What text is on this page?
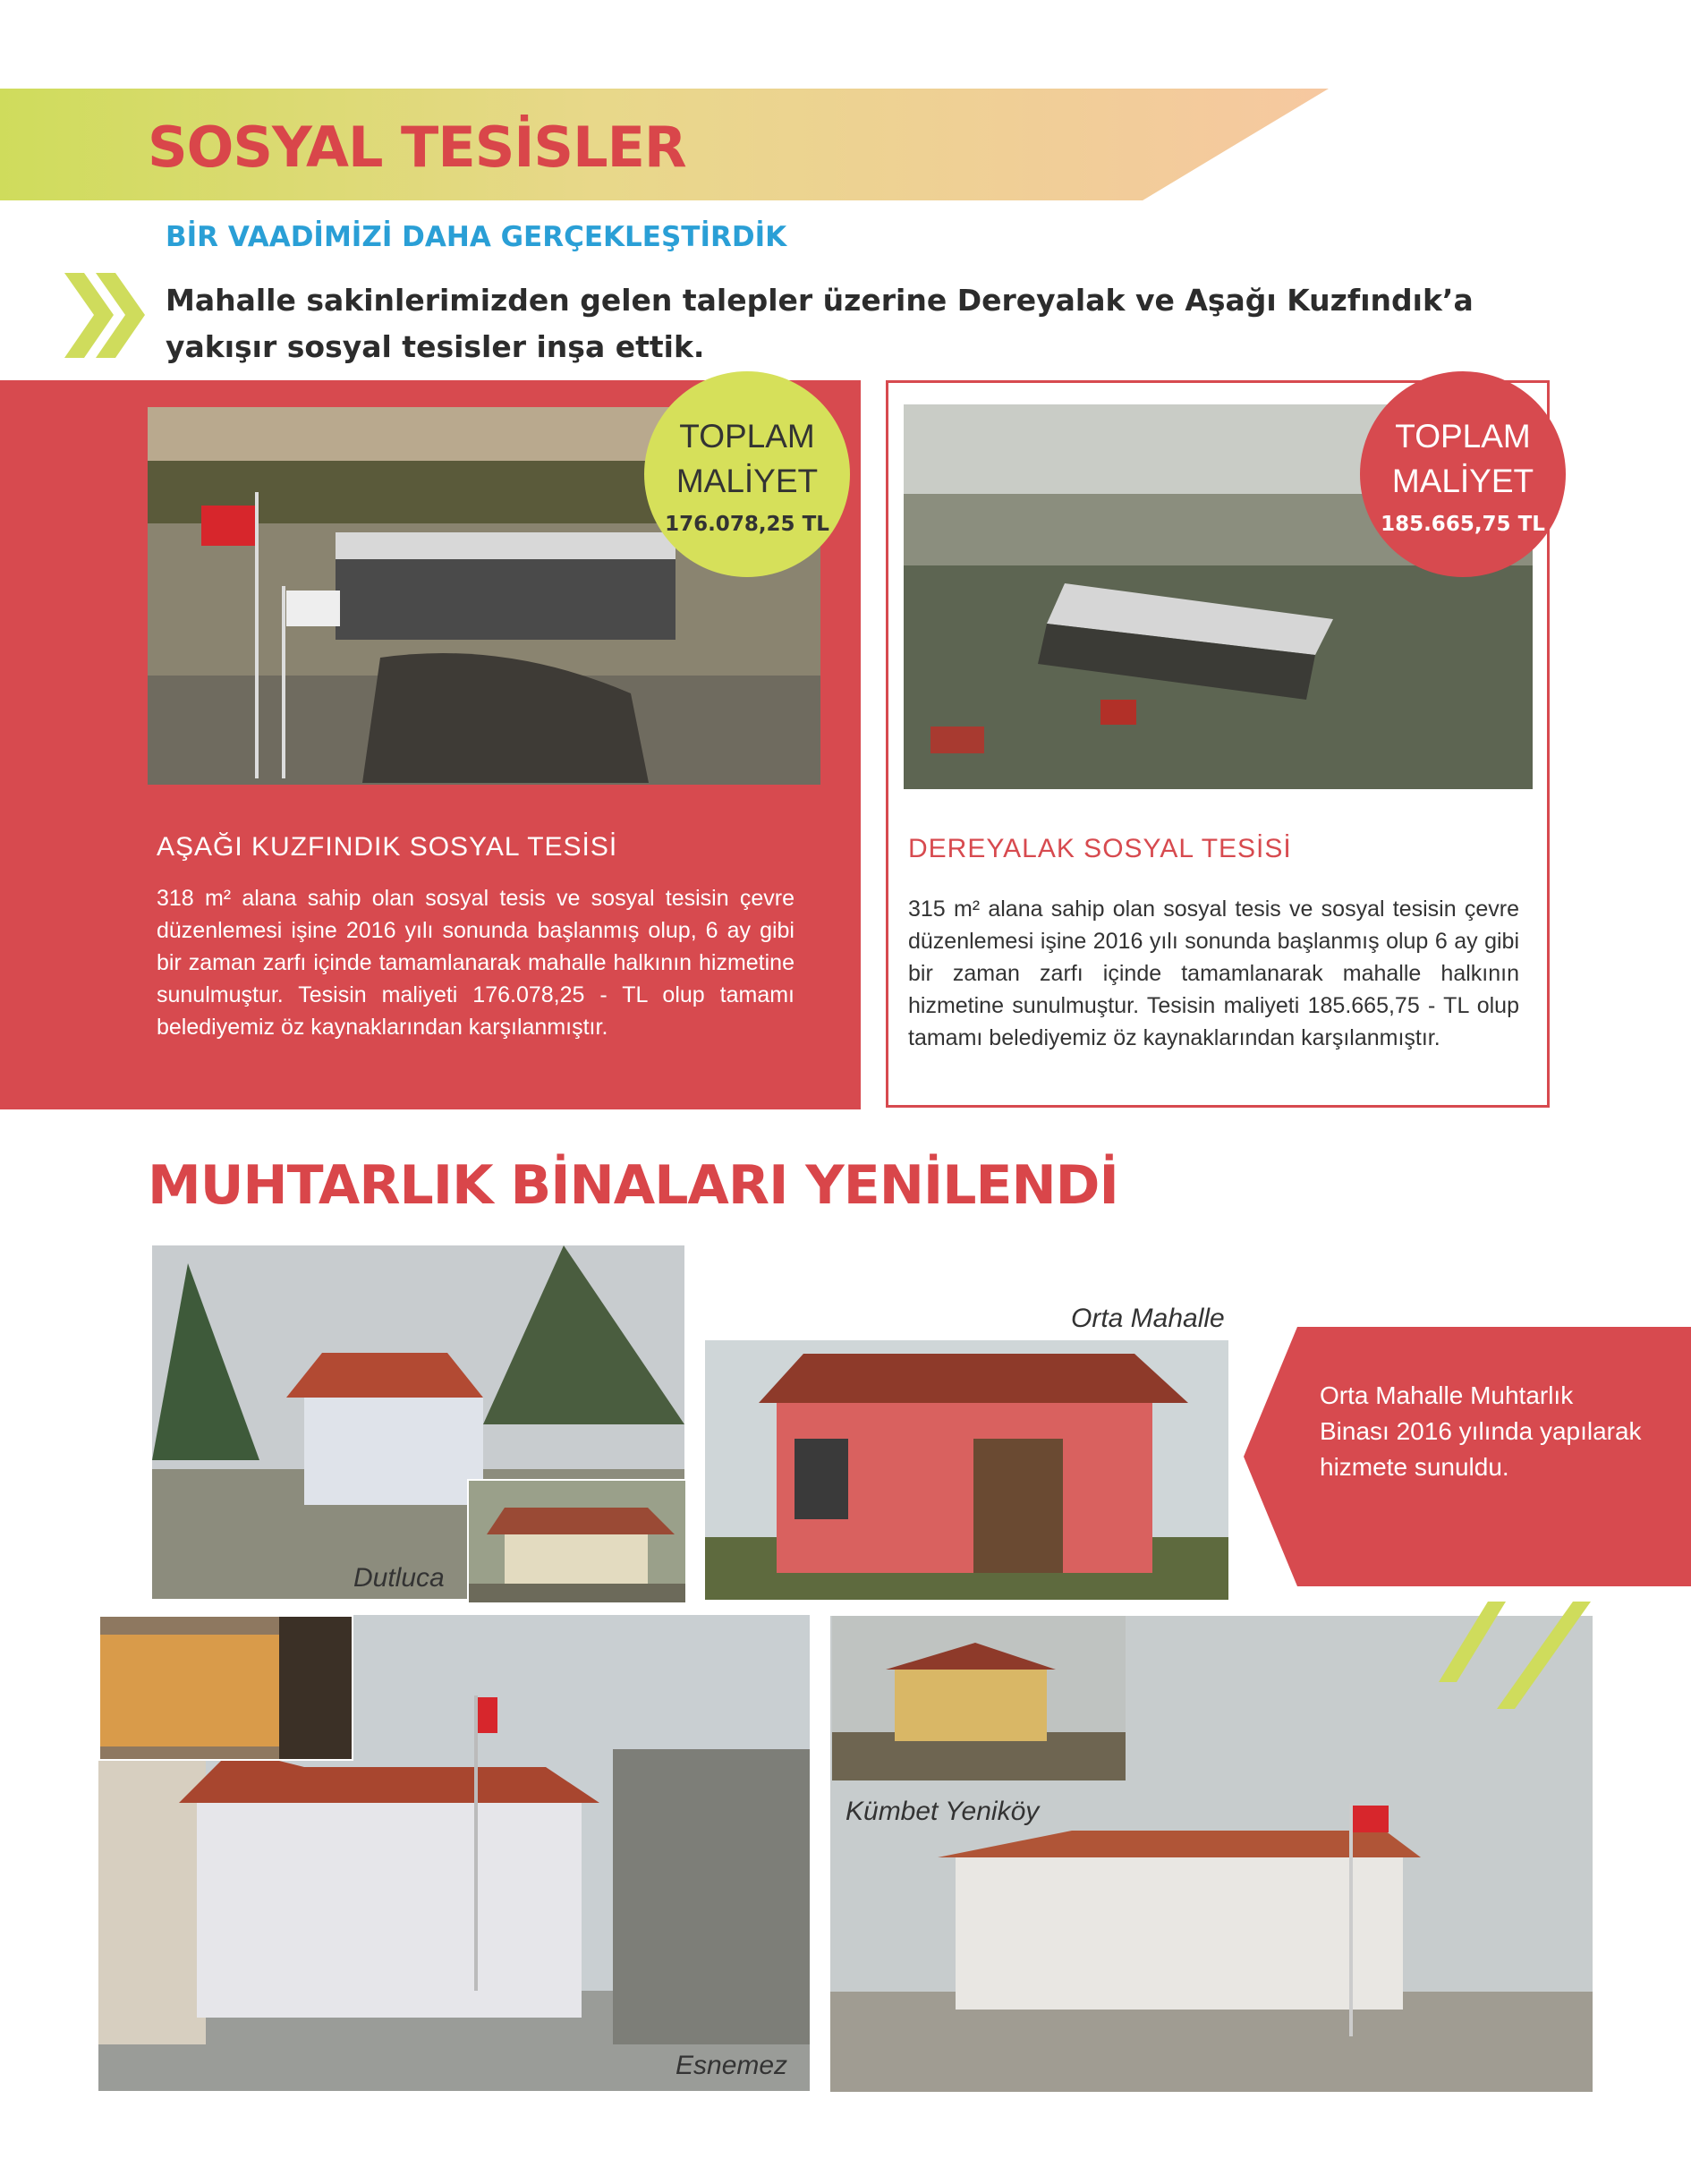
SOSYAL TESİSLER
BİR VAADİMİZİ DAHA GERÇEKLEŞTİRDİK
Mahalle sakinlerimizden gelen talepler üzerine Dereyalak ve Aşağı Kuzfındık’a yakışır sosyal tesisler inşa ettik.
TOPLAM
MALİYET
176.078,25 TL
AŞAĞI KUZFINDIK SOSYAL TESİSİ
318 m² alana sahip olan sosyal tesis ve sosyal tesisin çevre düzenlemesi işine 2016 yılı sonunda başlanmış olup, 6 ay gibi bir zaman zarfı içinde tamamlanarak mahalle halkının hizmetine sunulmuştur. Tesisin maliyeti 176.078,25 - TL olup tamamı belediyemiz öz kaynaklarından karşılanmıştır.
TOPLAM
MALİYET
185.665,75 TL
DEREYALAK SOSYAL TESİSİ
315 m² alana sahip olan sosyal tesis ve sosyal tesisin çevre düzenlemesi işine 2016 yılı sonunda başlanmış olup 6 ay gibi bir zaman zarfı içinde tamamlanarak mahalle halkının hizmetine sunulmuştur. Tesisin maliyeti 185.665,75 - TL olup tamamı belediyemiz öz kaynaklarından karşılanmıştır.
MUHTARLIK BİNALARI YENİLENDİ
Dutluca
Orta Mahalle
Orta Mahalle Muhtarlık Binası 2016 yılında yapılarak hizmete sunuldu.
Esnemez
Kümbet Yeniköy
